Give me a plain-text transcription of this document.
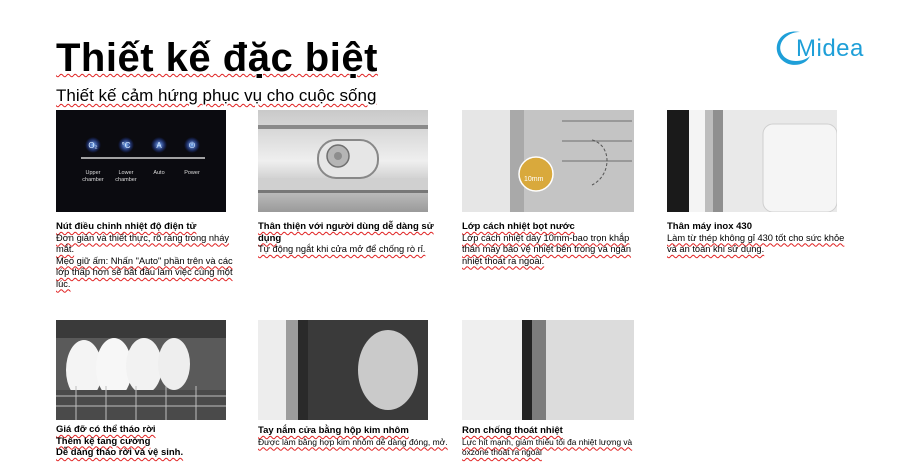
Thiết kế đặc biệt
Thiết kế cảm hứng phục vụ cho cuộc sống
Midea
O₂	°C	A	⏻
Upper chamber
Lower chamber
Auto	Power
10mm
Nút điều chỉnh nhiệt độ điện tử
Đơn giản và thiết thực, rõ ràng trong nháy mắt.
Mẹo giữ ấm: Nhấn "Auto" phần trên và các lớp thấp hơn sẽ bắt đầu làm việc cùng một lúc.
Thân thiện với người dùng dễ dàng sử dụng
Tự động ngắt khi cửa mở để chống rò rỉ.
Lớp cách nhiệt bọt nước
Lớp cách nhiệt dày 10mm-bao trọn khắp thân máy bảo vệ nhiệt bên trong và ngăn nhiệt thoát ra ngoài.
Thân máy inox 430
Làm từ thép không gỉ 430 tốt cho sức khỏe và an toàn khi sử dụng.
Giá đỡ có thể tháo rời
Thêm kệ tang cường
Dễ dàng tháo rời và vệ sinh.
Tay nắm cửa bằng hộp kim nhôm
Được làm bằng hợp kim nhôm dễ dàng đóng, mở.
Ron chống thoát nhiệt
Lực hít mạnh, giảm thiểu tối đa nhiệt lượng và oxzone thoát ra ngoài
